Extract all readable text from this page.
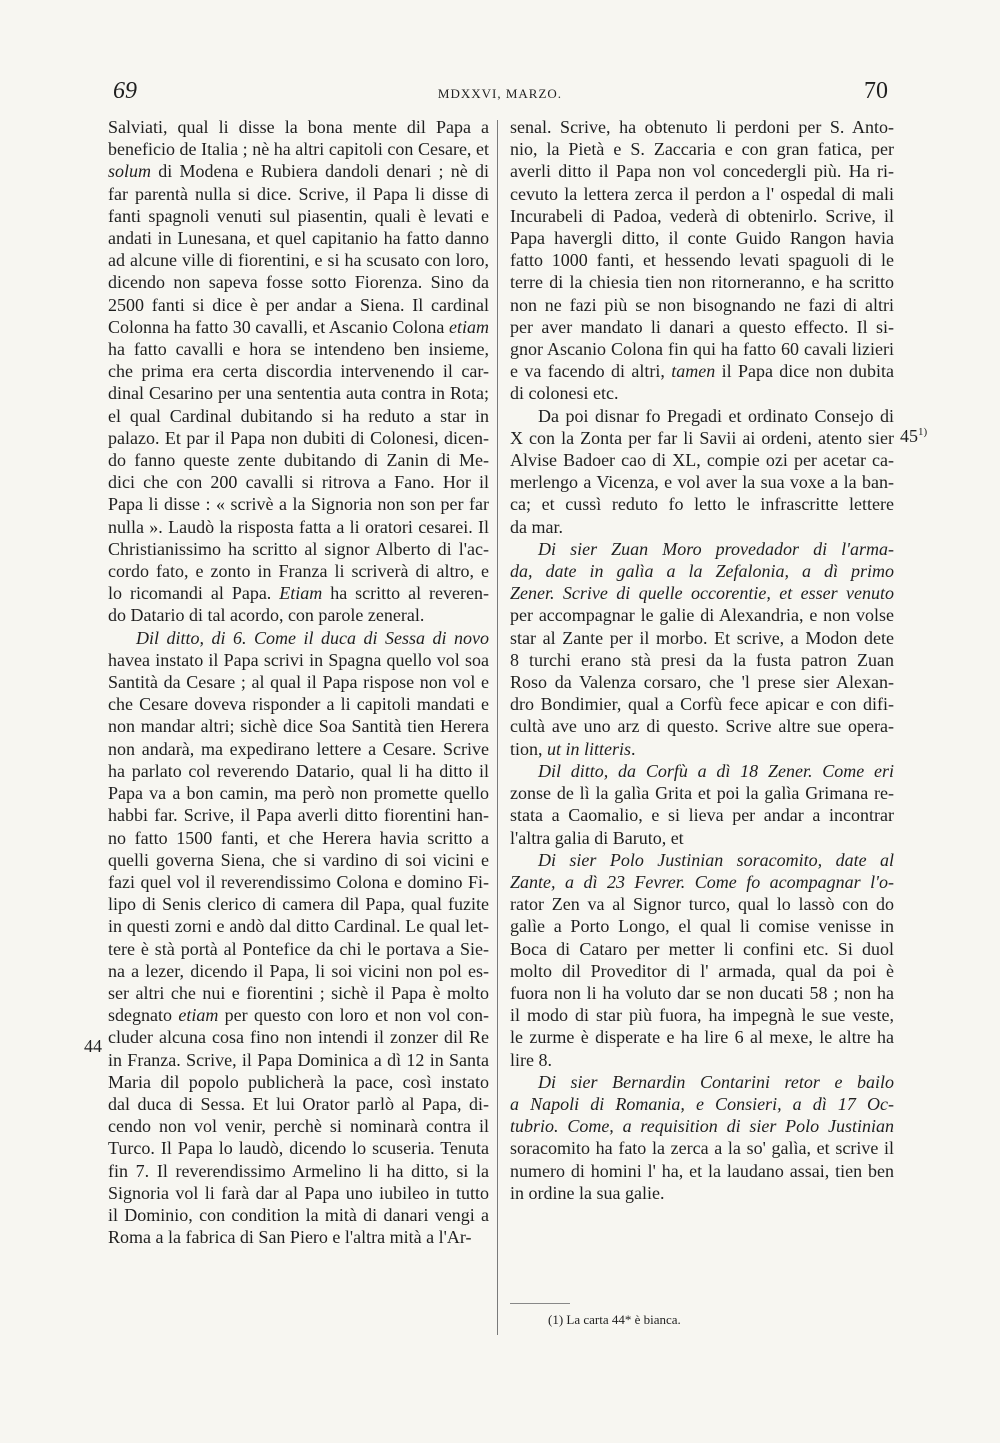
69	MDXXVI, MARZO.	70
Salviati, qual li disse la bona mente dil Papa a
beneficio de Italia ; nè ha altri capitoli con Cesare, et
solum di Modena e Rubiera dandoli denari ; nè di
far parentà nulla si dice. Scrive, il Papa li disse di
fanti spagnoli venuti sul piasentin, quali è levati e
andati in Lunesana, et quel capitanio ha fatto danno
ad alcune ville di fiorentini, e si ha scusato con loro,
dicendo non sapeva fosse sotto Fiorenza. Sino da
2500 fanti si dice è per andar a Siena. Il cardinal
Colonna ha fatto 30 cavalli, et Ascanio Colona etiam
ha fatto cavalli e hora se intendeno ben insieme,
che prima era certa discordia intervenendo il car-
dinal Cesarino per una sententia auta contra in Rota;
el qual Cardinal dubitando si ha reduto a star in
palazo. Et par il Papa non dubiti di Colonesi, dicen-
do fanno queste zente dubitando di Zanin di Me-
dici che con 200 cavalli si ritrova a Fano. Hor il
Papa li disse : « scrivè a la Signoria non son per far
nulla ». Laudò la risposta fatta a li oratori cesarei. Il
Christianissimo ha scritto al signor Alberto di l'ac-
cordo fato, e zonto in Franza li scriverà di altro, e
lo ricomandi al Papa. Etiam ha scritto al reveren-
do Datario di tal acordo, con parole zeneral.
Dil ditto, di 6. Come il duca di Sessa di novo
havea instato il Papa scrivi in Spagna quello vol soa
Santità da Cesare ; al qual il Papa rispose non vol e
che Cesare doveva risponder a li capitoli mandati e
non mandar altri; sichè dice Soa Santità tien Herera
non andarà, ma expedirano lettere a Cesare. Scrive
ha parlato col reverendo Datario, qual li ha ditto il
Papa va a bon camin, ma però non promette quello
habbi far. Scrive, il Papa averli ditto fiorentini han-
no fatto 1500 fanti, et che Herera havia scritto a
quelli governa Siena, che si vardino di soi vicini e
fazi quel vol il reverendissimo Colona e domino Fi-
lipo di Senis clerico di camera dil Papa, qual fuzite
in questi zorni e andò dal ditto Cardinal. Le qual let-
tere è stà portà al Pontefice da chi le portava a Sie-
na a lezer, dicendo il Papa, li soi vicini non pol es-
ser altri che nui e fiorentini ; sichè il Papa è molto
sdegnato etiam per questo con loro et non vol con-
cluder alcuna cosa fino non intendi il zonzer dil Re
in Franza. Scrive, il Papa Dominica a dì 12 in Santa
Maria dil popolo publicherà la pace, così instato
dal duca di Sessa. Et lui Orator parlò al Papa, di-
cendo non vol venir, perchè si nominarà contra il
Turco. Il Papa lo laudò, dicendo lo scuseria. Tenuta
fin 7. Il reverendissimo Armelino li ha ditto, si la
Signoria vol li farà dar al Papa uno iubileo in tutto
il Dominio, con condition la mità di danari vengi a
Roma a la fabrica di San Piero e l'altra mità a l'Ar-
senal. Scrive, ha obtenuto li perdoni per S. Anto-
nio, la Pietà e S. Zaccaria e con gran fatica, per
averli ditto il Papa non vol concedergli più. Ha ri-
cevuto la lettera zerca il perdon a l' ospedal di mali
Incurabeli di Padoa, vederà di obtenirlo. Scrive, il
Papa havergli ditto, il conte Guido Rangon havia
fatto 1000 fanti, et hessendo levati spaguoli di le
terre di la chiesia tien non ritorneranno, e ha scritto
non ne fazi più se non bisognando ne fazi di altri
per aver mandato li danari a questo effecto. Il si-
gnor Ascanio Colona fin qui ha fatto 60 cavali lizieri
e va facendo di altri, tamen il Papa dice non dubita
di colonesi etc.
Da poi disnar fo Pregadi et ordinato Consejo di
X con la Zonta per far li Savii ai ordeni, atento sier
Alvise Badoer cao di XL, compie ozi per acetar ca-
merlengo a Vicenza, e vol aver la sua voxe a la ban-
ca; et cussì reduto fo letto le infrascritte lettere
da mar.
Di sier Zuan Moro provedador di l'arma-
da, date in galìa a la Zefalonia, a dì primo
Zener. Scrive di quelle occorentie, et esser venuto
per accompagnar le galie di Alexandria, e non volse
star al Zante per il morbo. Et scrive, a Modon dete
8 turchi erano stà presi da la fusta patron Zuan
Roso da Valenza corsaro, che 'l prese sier Alexan-
dro Bondimier, qual a Corfù fece apicar e con difi-
cultà ave uno arz di questo. Scrive altre sue opera-
tion, ut in litteris.
Dil ditto, da Corfù a dì 18 Zener. Come eri
zonse de lì la galìa Grita et poi la galìa Grimana re-
stata a Caomalio, e si lieva per andar a incontrar
l'altra galia di Baruto, et
Di sier Polo Justinian soracomito, date al
Zante, a dì 23 Fevrer. Come fo acompagnar l'o-
rator Zen va al Signor turco, qual lo lassò con do
galìe a Porto Longo, el qual li comise venisse in
Boca di Cataro per metter li confini etc. Si duol
molto dil Proveditor di l' armada, qual da poi è
fuora non li ha voluto dar se non ducati 58 ; non ha
il modo di star più fuora, ha impegnà le sue veste,
le zurme è disperate e ha lire 6 al mexe, le altre ha
lire 8.
Di sier Bernardin Contarini retor e bailo
a Napoli di Romania, e Consieri, a dì 17 Oc-
tubrio. Come, a requisition di sier Polo Justinian
soracomito ha fato la zerca a la so' galìa, et scrive il
numero di homini l' ha, et la laudano assai, tien ben
in ordine la sua galie.
44
45$^{1)}$
(1) La carta 44* è bianca.
